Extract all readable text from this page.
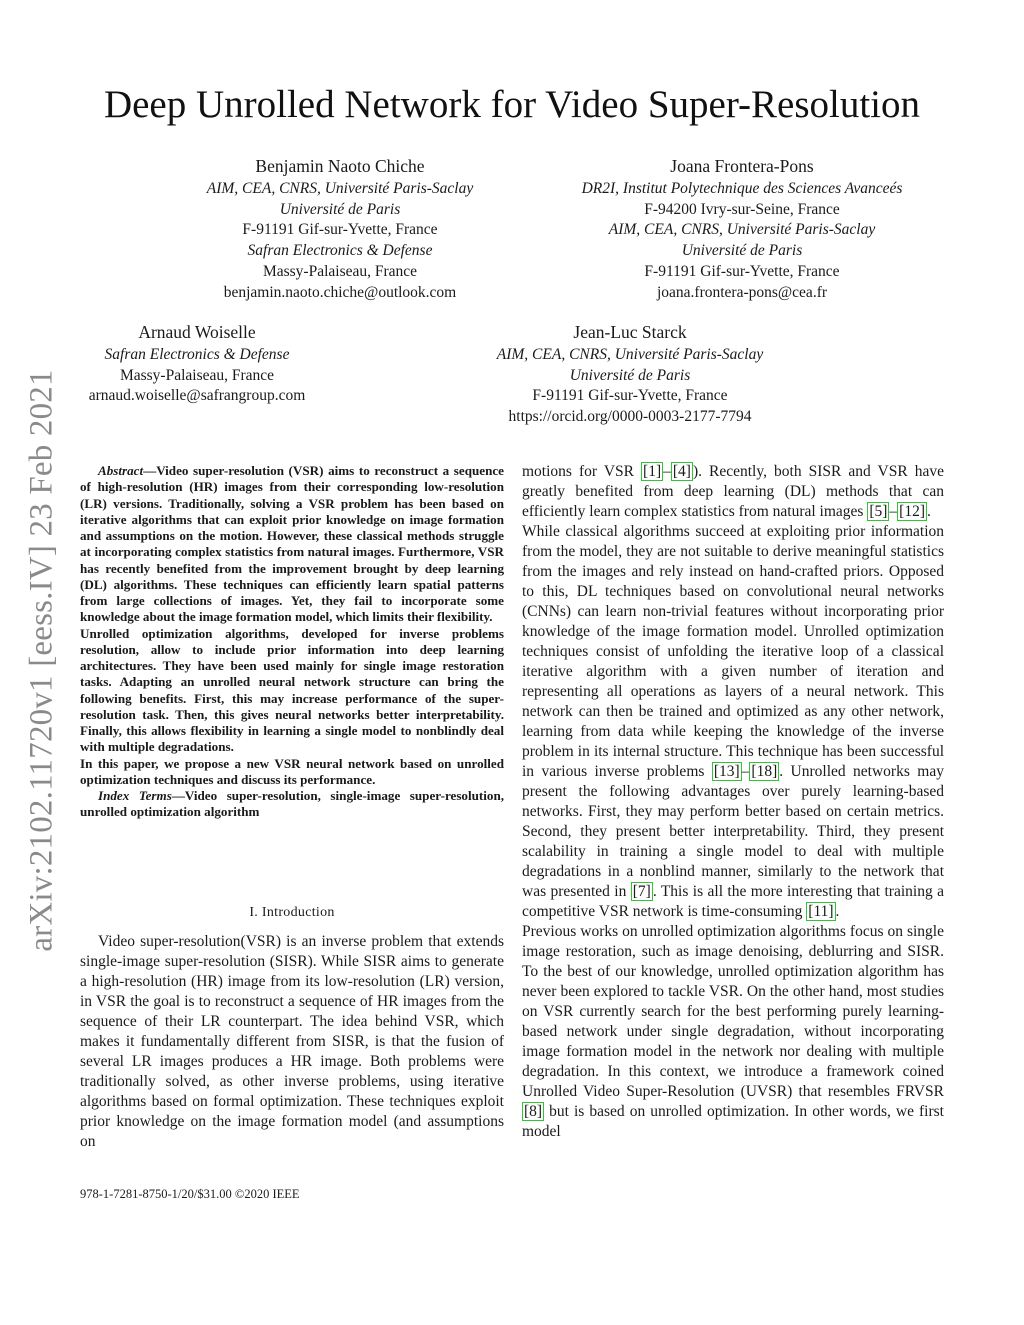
arXiv:2102.11720v1 [eess.IV] 23 Feb 2021
Deep Unrolled Network for Video Super-Resolution
Benjamin Naoto Chiche
AIM, CEA, CNRS, Université Paris-Saclay
Université de Paris
F-91191 Gif-sur-Yvette, France
Safran Electronics & Defense
Massy-Palaiseau, France
benjamin.naoto.chiche@outlook.com
Joana Frontera-Pons
DR2I, Institut Polytechnique des Sciences Avanceés
F-94200 Ivry-sur-Seine, France
AIM, CEA, CNRS, Université Paris-Saclay
Université de Paris
F-91191 Gif-sur-Yvette, France
joana.frontera-pons@cea.fr
Arnaud Woiselle
Safran Electronics & Defense
Massy-Palaiseau, France
arnaud.woiselle@safrangroup.com
Jean-Luc Starck
AIM, CEA, CNRS, Université Paris-Saclay
Université de Paris
F-91191 Gif-sur-Yvette, France
https://orcid.org/0000-0003-2177-7794

Abstract—Video super-resolution (VSR) aims to reconstruct a sequence of high-resolution (HR) images from their corresponding low-resolution (LR) versions. Traditionally, solving a VSR problem has been based on iterative algorithms that can exploit prior knowledge on image formation and assumptions on the motion. However, these classical methods struggle at incorporating complex statistics from natural images. Furthermore, VSR has recently benefited from the improvement brought by deep learning (DL) algorithms. These techniques can efficiently learn spatial patterns from large collections of images. Yet, they fail to incorporate some knowledge about the image formation model, which limits their flexibility.

Unrolled optimization algorithms, developed for inverse problems resolution, allow to include prior information into deep learning architectures. They have been used mainly for single image restoration tasks. Adapting an unrolled neural network structure can bring the following benefits. First, this may increase performance of the super-resolution task. Then, this gives neural networks better interpretability. Finally, this allows flexibility in learning a single model to nonblindly deal with multiple degradations.

In this paper, we propose a new VSR neural network based on unrolled optimization techniques and discuss its performance.

Index Terms—Video super-resolution, single-image super-resolution, unrolled optimization algorithm

I. Introduction

Video super-resolution(VSR) is an inverse problem that extends single-image super-resolution (SISR). While SISR aims to generate a high-resolution (HR) image from its low-resolution (LR) version, in VSR the goal is to reconstruct a sequence of HR images from the sequence of their LR counterpart. The idea behind VSR, which makes it fundamentally different from SISR, is that the fusion of several LR images produces a HR image. Both problems were traditionally solved, as other inverse problems, using iterative algorithms based on formal optimization. These techniques exploit prior knowledge on the image formation model (and assumptions on

978-1-7281-8750-1/20/$31.00 ©2020 IEEE

motions for VSR [1] – [4] ). Recently, both SISR and VSR have greatly benefited from deep learning (DL) methods that can efficiently learn complex statistics from natural images [5] – [12] .

While classical algorithms succeed at exploiting prior information from the model, they are not suitable to derive meaningful statistics from the images and rely instead on hand-crafted priors. Opposed to this, DL techniques based on convolutional neural networks (CNNs) can learn non-trivial features without incorporating prior knowledge of the image formation model. Unrolled optimization techniques consist of unfolding the iterative loop of a classical iterative algorithm with a given number of iteration and representing all operations as layers of a neural network. This network can then be trained and optimized as any other network, learning from data while keeping the knowledge of the inverse problem in its internal structure. This technique has been successful in various inverse problems [13] – [18] . Unrolled networks may present the following advantages over purely learning-based networks. First, they may perform better based on certain metrics. Second, they present better interpretability. Third, they present scalability in training a single model to deal with multiple degradations in a nonblind manner, similarly to the network that was presented in [7] . This is all the more interesting that training a competitive VSR network is time-consuming [11] .

Previous works on unrolled optimization algorithms focus on single image restoration, such as image denoising, deblurring and SISR. To the best of our knowledge, unrolled optimization algorithm has never been explored to tackle VSR. On the other hand, most studies on VSR currently search for the best performing purely learning-based network under single degradation, without incorporating image formation model in the network nor dealing with multiple degradation. In this context, we introduce a framework coined Unrolled Video Super-Resolution (UVSR) that resembles FRVSR [8] but is based on unrolled optimization. In other words, we first model
